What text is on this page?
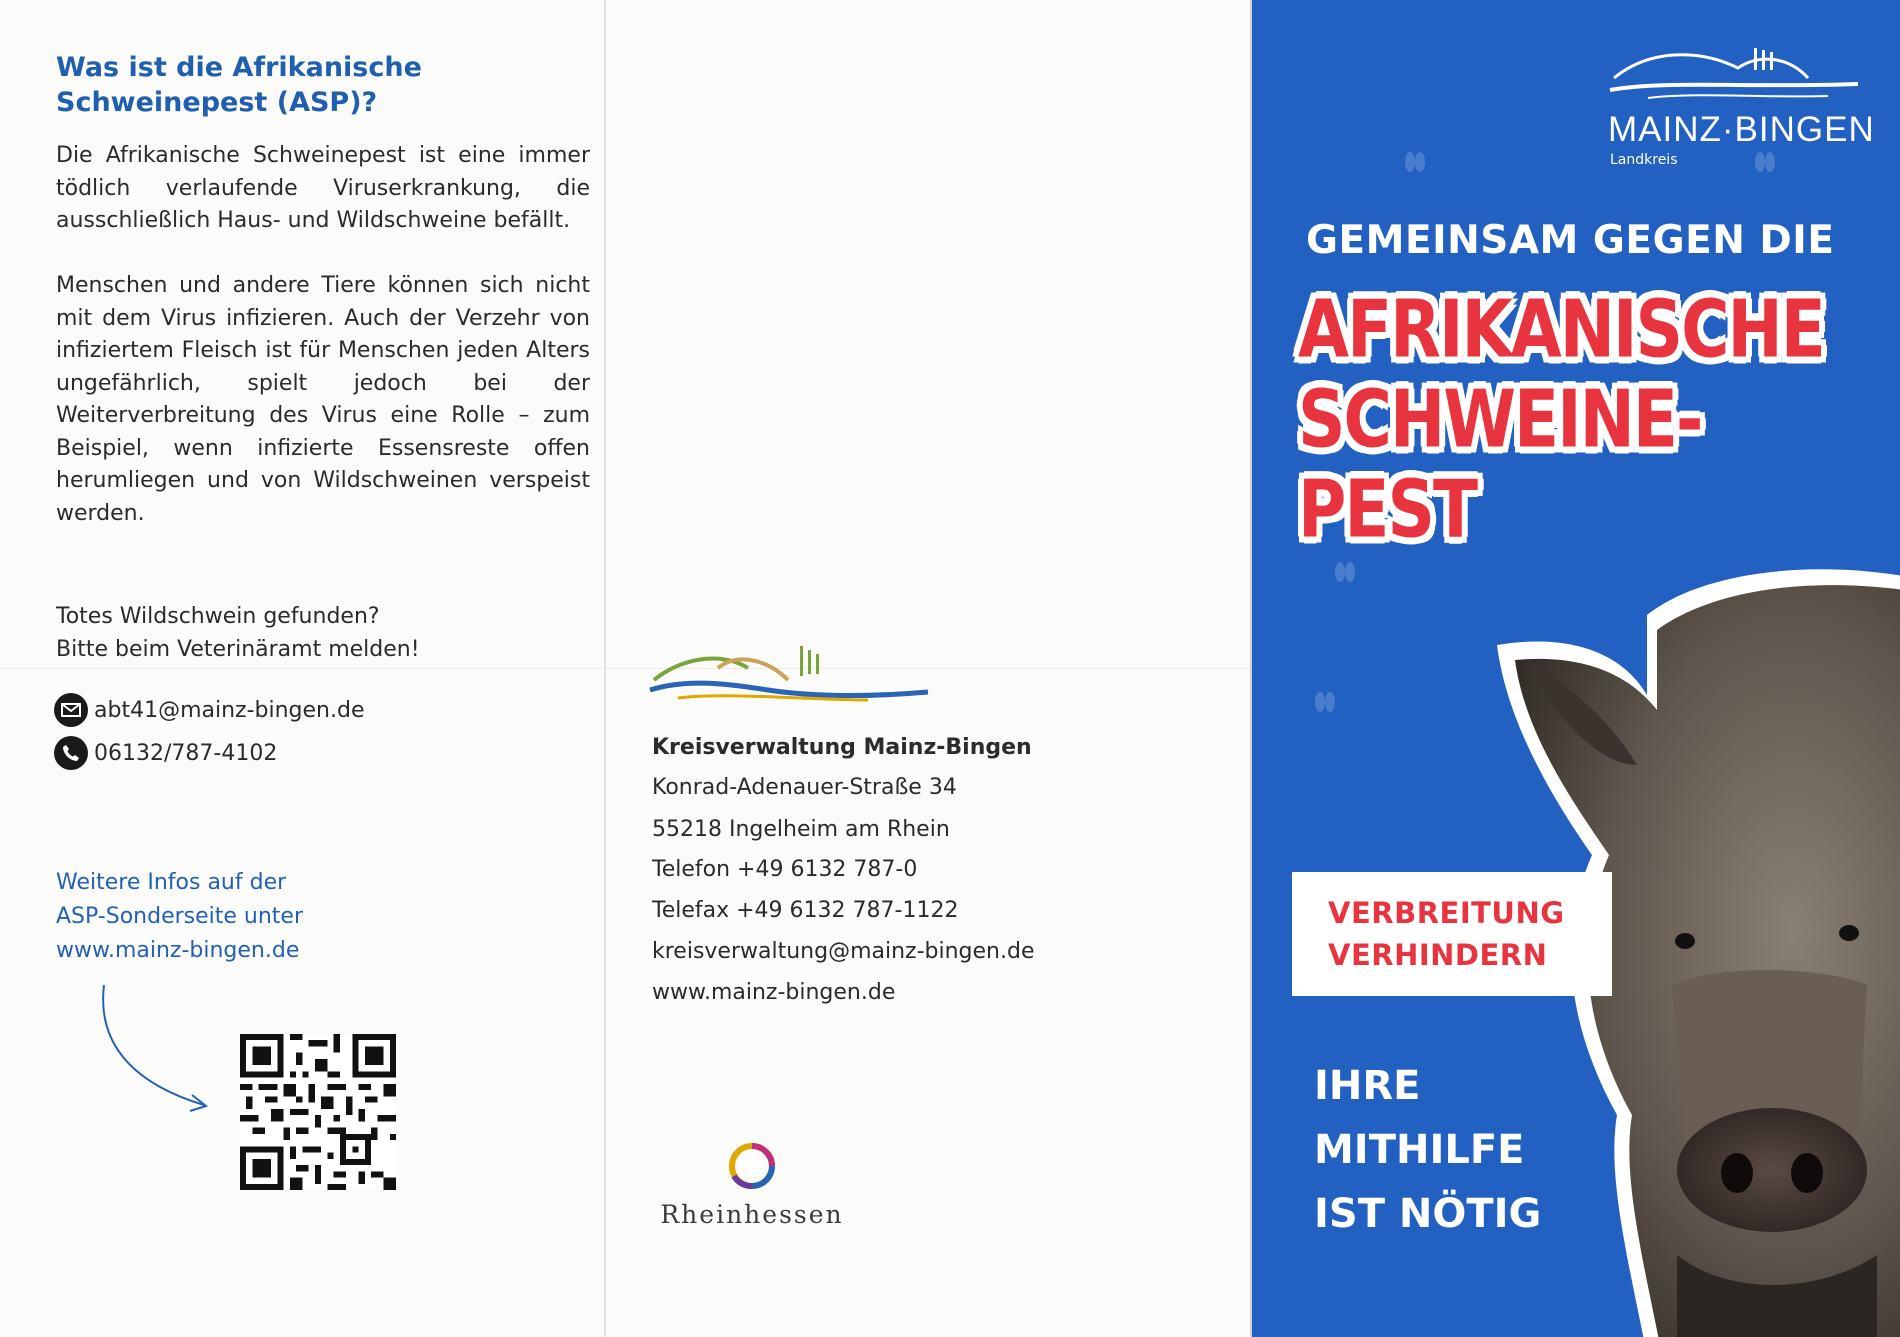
Was ist die Afrikanische
Schweinepest (ASP)?

Die Afrikanische Schweinepest ist eine immer tödlich verlaufende Viruserkrankung, die ausschließlich Haus- und Wildschweine befällt.

Menschen und andere Tiere können sich nicht mit dem Virus infizieren. Auch der Verzehr von infiziertem Fleisch ist für Menschen jeden Alters ungefährlich, spielt jedoch bei der Weiterverbreitung des Virus eine Rolle – zum Beispiel, wenn infizierte Essensreste offen herumliegen und von Wildschweinen verspeist werden.

Totes Wildschwein gefunden?
Bitte beim Veterinäramt melden!
abt41@mainz-bingen.de
06132/787-4102
Weitere Infos auf der
ASP-Sonderseite unter
www.mainz-bingen.de
Kreisverwaltung Mainz-Bingen
Konrad-Adenauer-Straße 34
55218 Ingelheim am Rhein
Telefon +49 6132 787-0
Telefax +49 6132 787-1122
kreisverwaltung@mainz-bingen.de
www.mainz-bingen.de
Rheinhessen
MAINZ·BINGEN
Landkreis
GEMEINSAM GEGEN DIE
AFRIKANISCHE
SCHWEINE-
PEST
VERBREITUNG
VERHINDERN
IHRE
MITHILFE
IST NÖTIG
